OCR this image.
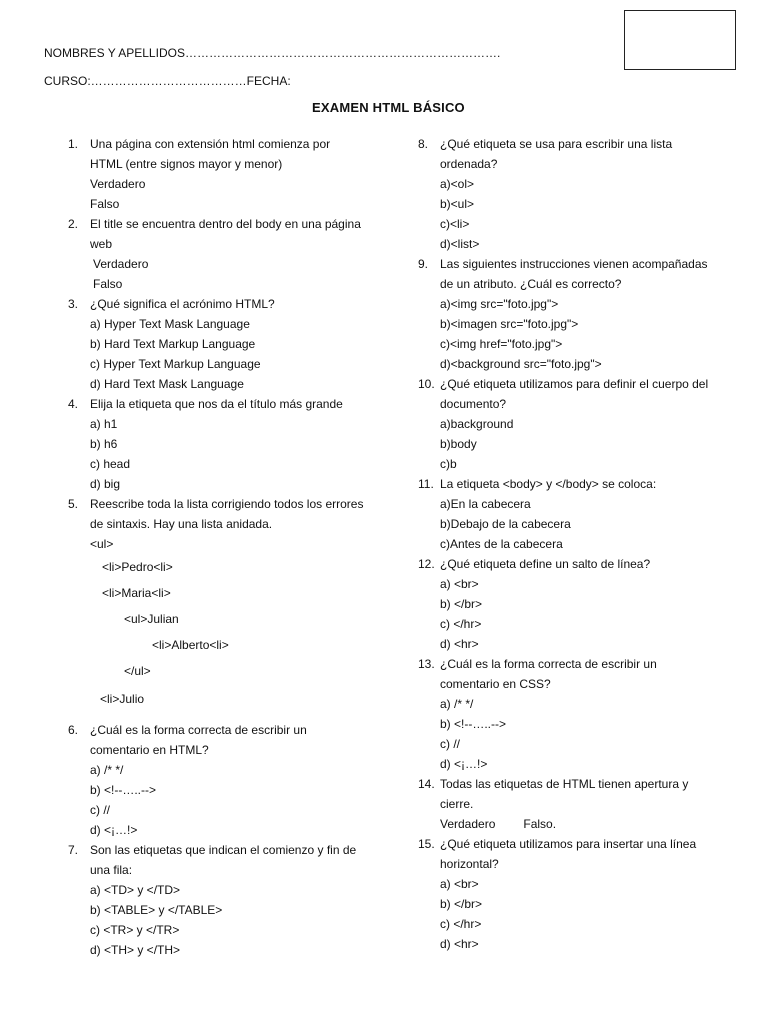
NOMBRES Y APELLIDOS…………………………………………………………………….
CURSO:…………………………………FECHA:
EXAMEN HTML BÁSICO
1. Una página con extensión html comienza por
HTML (entre signos mayor y menor)
Verdadero
Falso
2. El title se encuentra dentro del body en una página
web
Verdadero
Falso
3. ¿Qué significa el acrónimo HTML?
a) Hyper Text Mask Language
b) Hard Text Markup Language
c) Hyper Text Markup Language
d) Hard Text Mask Language
4. Elija la etiqueta que nos da el título más grande
a) h1
b) h6
c) head
d) big
5. Reescribe toda la lista corrigiendo todos los errores
de sintaxis. Hay una lista anidada.
<ul>
<li>Pedro<li>
<li>Maria<li>
<ul>Julian
<li>Alberto<li>
</ul>
<li>Julio
6. ¿Cuál es la forma correcta de escribir un
comentario en HTML?
a) /* */
b) <!--…..-->
c) //
d) <¡…!>
7. Son las etiquetas que indican el comienzo y fin de
una fila:
a) <TD> y </TD>
b) <TABLE> y </TABLE>
c) <TR> y </TR>
d) <TH> y </TH>
8. ¿Qué etiqueta se usa para escribir una lista
ordenada?
a)<ol>
b)<ul>
c)<li>
d)<list>
9. Las siguientes instrucciones vienen acompañadas
de un atributo. ¿Cuál es correcto?
a)<img src="foto.jpg">
b)<imagen src="foto.jpg">
c)<img href="foto.jpg">
d)<background src="foto.jpg">
10. ¿Qué etiqueta utilizamos para definir el cuerpo del
documento?
a)background
b)body
c)b
11. La etiqueta <body> y </body> se coloca:
a)En la cabecera
b)Debajo de la cabecera
c)Antes de la cabecera
12. ¿Qué etiqueta define un salto de línea?
a) <br>
b) </br>
c) </hr>
d) <hr>
13. ¿Cuál es la forma correcta de escribir un
comentario en CSS?
a) /* */
b) <!--…..-->
c) //
d) <¡…!>
14. Todas las etiquetas de HTML tienen apertura y
cierre.
Verdadero Falso.
15. ¿Qué etiqueta utilizamos para insertar una línea
horizontal?
a) <br>
b) </br>
c) </hr>
d) <hr>
